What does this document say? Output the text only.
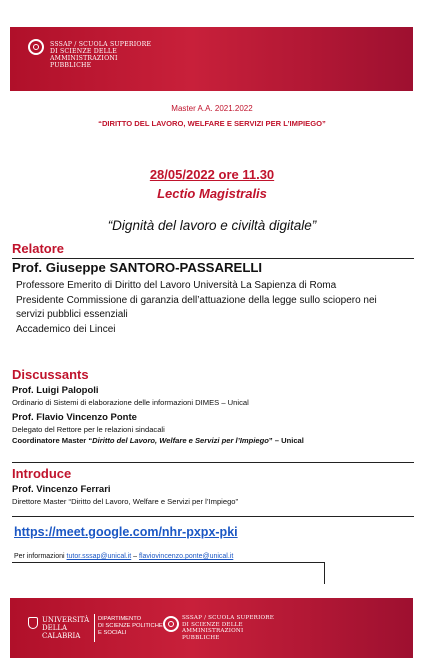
SSSAP / SCUOLA SUPERIORE
DI SCIENZE DELLE
AMMINISTRAZIONI
PUBBLICHE
Master A.A. 2021.2022
“DIRITTO DEL LAVORO, WELFARE E SERVIZI PER L’IMPIEGO”
28/05/2022 ore 11.30
Lectio Magistralis
“Dignità del lavoro e civiltà digitale”
Relatore
Prof. Giuseppe SANTORO-PASSARELLI
Professore Emerito di Diritto del Lavoro Università La Sapienza di Roma
Presidente Commissione di garanzia dell’attuazione della legge sullo sciopero nei
servizi pubblici essenziali
Accademico dei Lincei
Discussants
Prof. Luigi Palopoli
Ordinario di Sistemi di elaborazione delle informazioni DIMES – Unical
Prof. Flavio Vincenzo Ponte
Delegato del Rettore per le relazioni sindacali
Coordinatore Master “Diritto del Lavoro, Welfare e Servizi per l’Impiego” – Unical
Introduce
Prof. Vincenzo Ferrari
Direttore Master “Diritto del Lavoro, Welfare e Servizi per l’Impiego”
https://meet.google.com/nhr-pxpx-pki
Per informazioni tutor.sssap@unical.it – flaviovincenzo.ponte@unical.it
UNIVERSITÀ
DELLA
CALABRIA
DIPARTIMENTO
DI SCIENZE POLITICHE
E SOCIALI
SSSAP / SCUOLA SUPERIORE
DI SCIENZE DELLE
AMMINISTRAZIONI
PUBBLICHE
